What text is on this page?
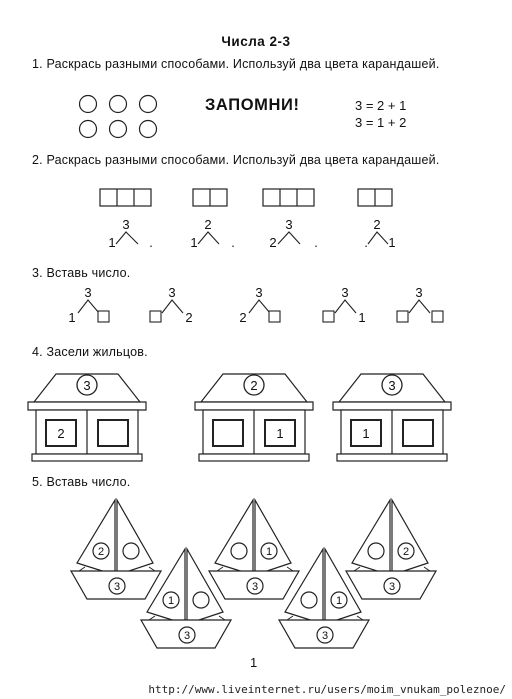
Числа 2-3
1. Раскрась разными способами. Используй два цвета карандашей.
ЗАПОМНИ!	3 = 2 + 1
3 = 1 + 2
2. Раскрась разными способами. Используй два цвета карандашей.
3
1	.
2
1	.
3
2	.
2
. 1
3. Вставь число.
3
1
3
2
3
2
3
1
3
4. Засели жильцов.
3
2
2
1
3
1
5. Вставь число.
2
3
1
3
1
3
1
3
2
3
1
http://www.liveinternet.ru/users/moim_vnukam_poleznoe/
